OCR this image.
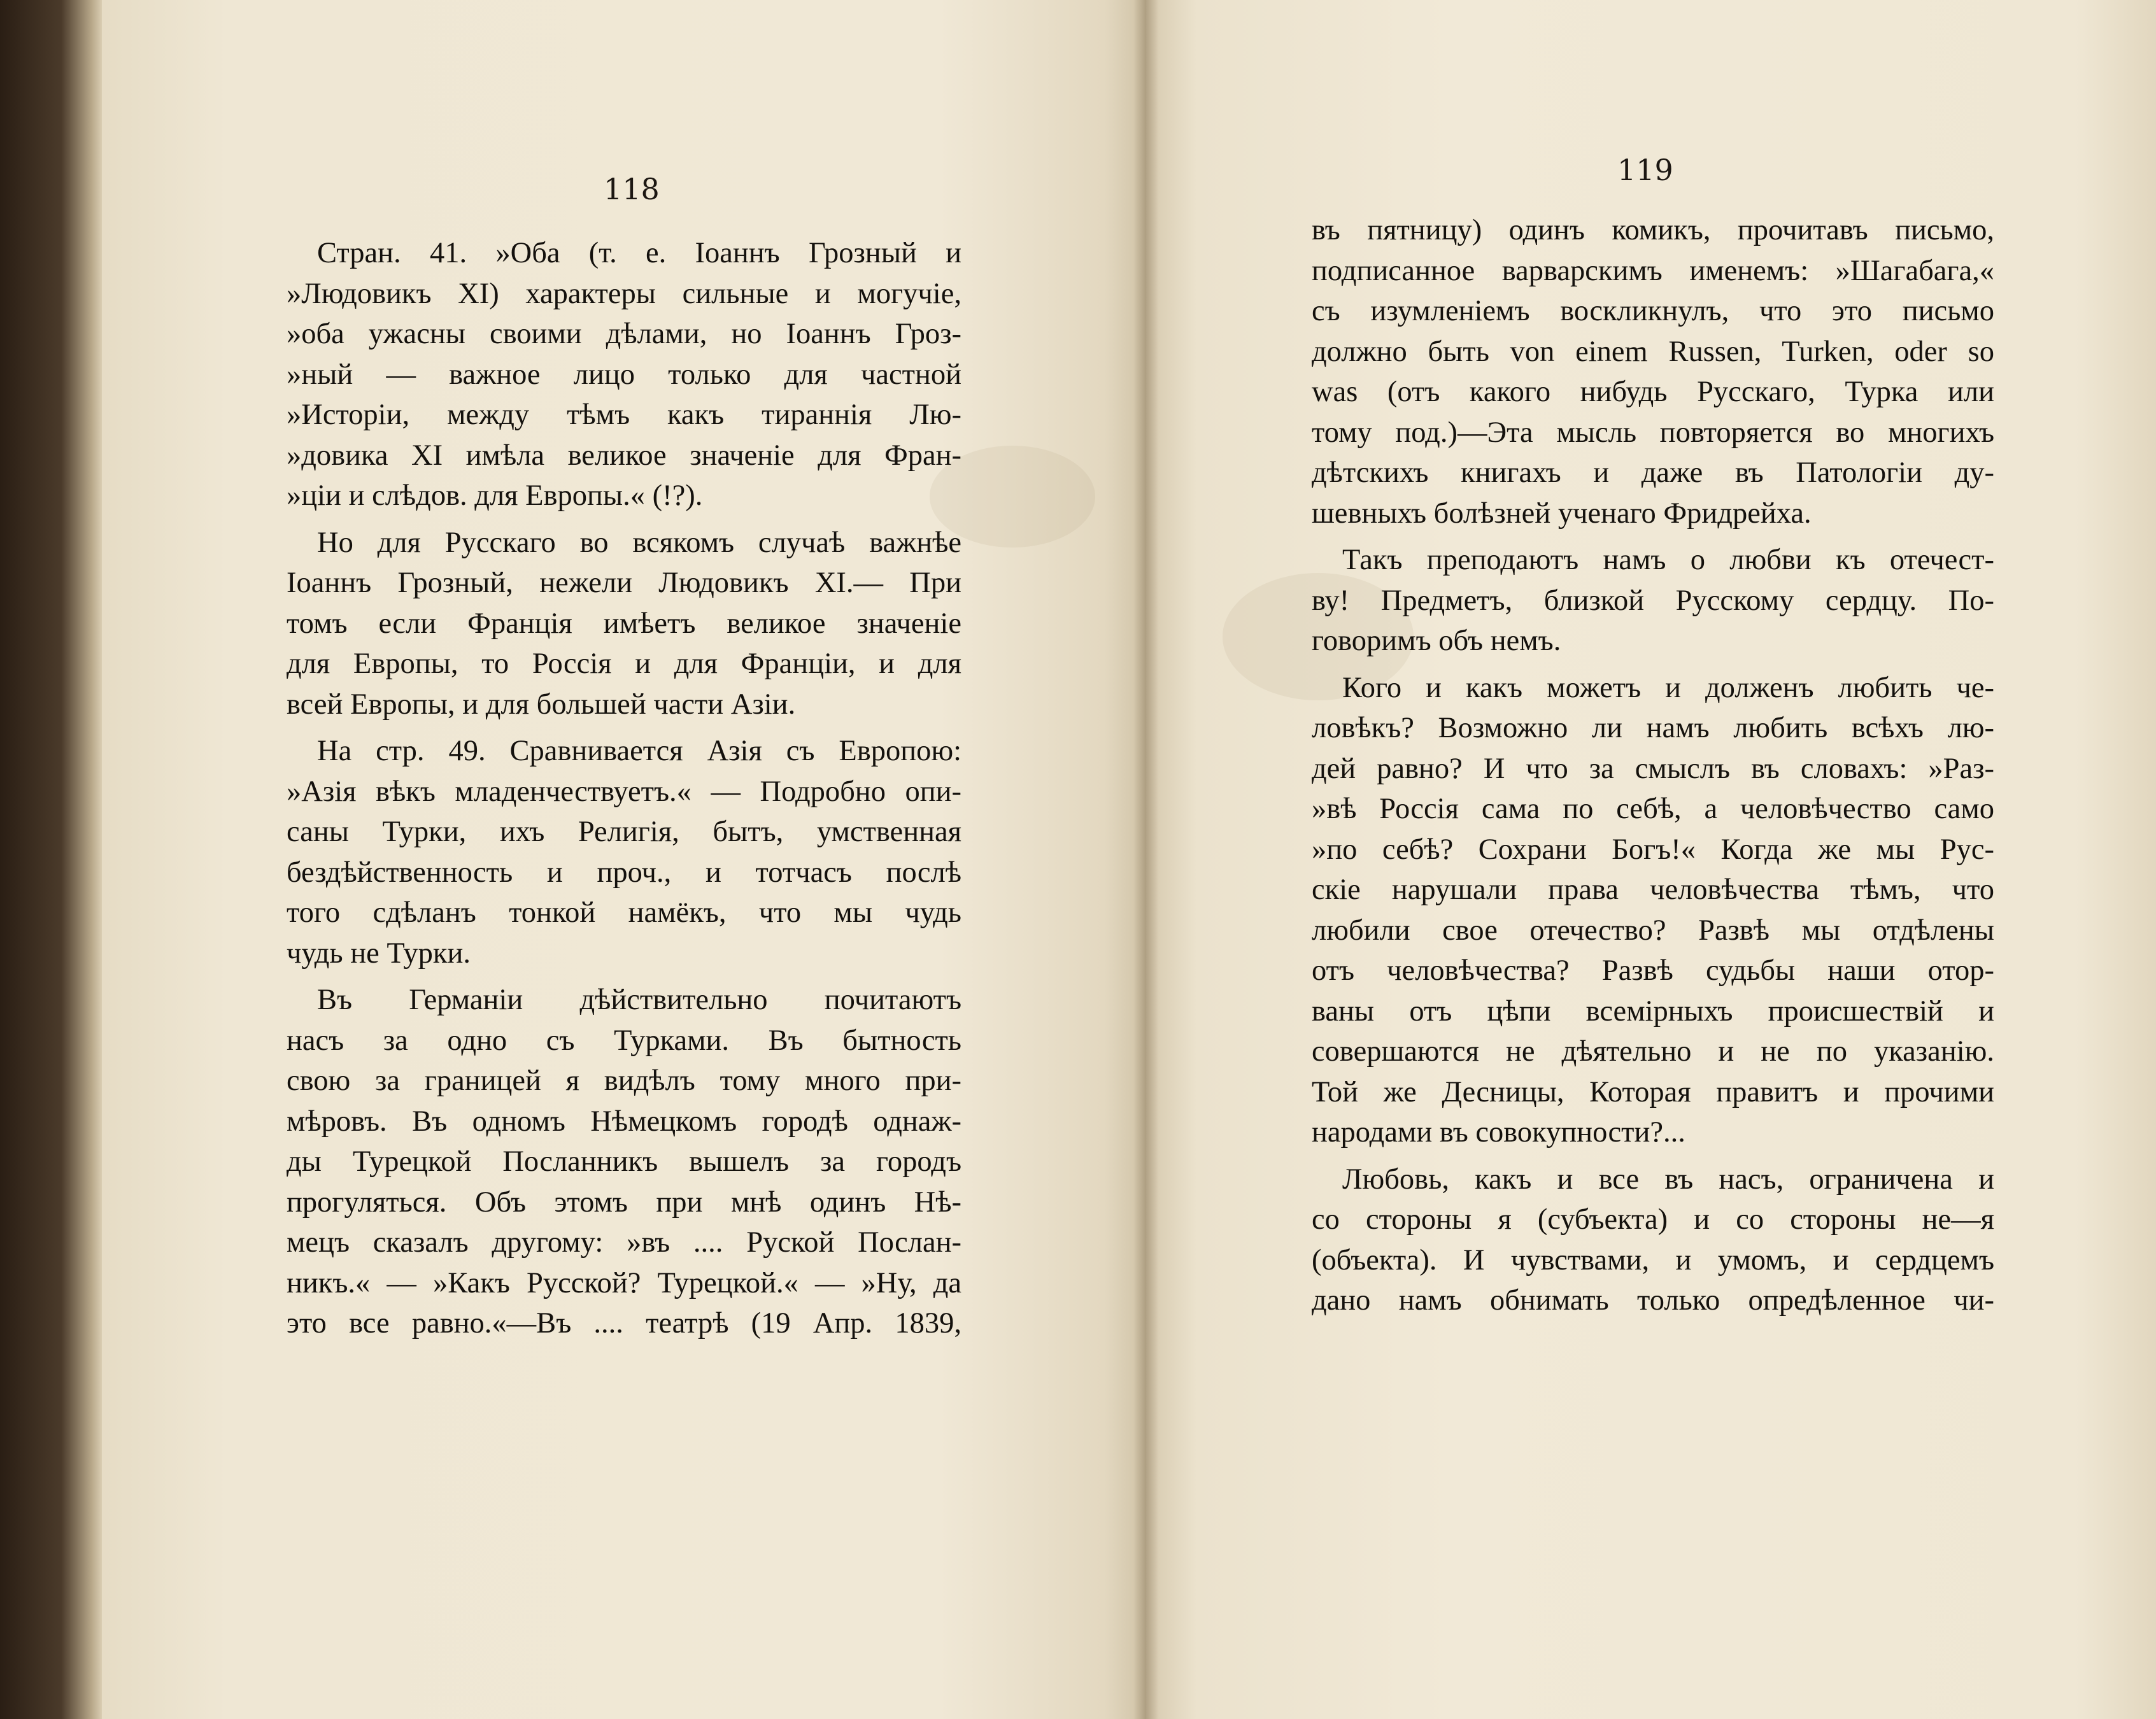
118
119
Стран. 41. »Оба (т. е. Іоаннъ Грозный и
»Людовикъ XI) характеры сильные и могучіе,
»оба ужасны своими дѣлами, но Іоаннъ Гроз-
»ный — важное лицо только для частной
»Исторіи, между тѣмъ какъ тираннія Лю-
»довика XI имѣла великое значеніе для Фран-
»ціи и слѣдов. для Европы.« (!?).
Но для Русскаго во всякомъ случаѣ важнѣе
Іоаннъ Грозный, нежели Людовикъ XI.— При
томъ если Франція имѣетъ великое значеніе
для Европы, то Россія и для Франціи, и для
всей Европы, и для большей части Азіи.
На стр. 49. Сравнивается Азія съ Европою:
»Азія вѣкъ младенчествуетъ.« — Подробно опи-
саны Турки, ихъ Религія, бытъ, умственная
бездѣйственность и проч., и тотчасъ послѣ
того сдѣланъ тонкой намёкъ, что мы чудь
чудь не Турки.
Въ Германіи дѣйствительно почитаютъ
насъ за одно съ Турками. Въ бытность
свою за границей я видѣлъ тому много при-
мѣровъ. Въ одномъ Нѣмецкомъ городѣ однаж-
ды Турецкой Посланникъ вышелъ за городъ
прогуляться. Объ этомъ при мнѣ одинъ Нѣ-
мецъ сказалъ другому: »въ .... Руской Послан-
никъ.« — »Какъ Русской? Турецкой.« — »Ну, да
это все равно.«—Въ .... театрѣ (19 Апр. 1839,
въ пятницу) одинъ комикъ, прочитавъ письмо,
подписанное варварскимъ именемъ: »Шагабага,«
съ изумленіемъ воскликнулъ, что это письмо
должно быть von einem Russen, Turken, oder so
was (отъ какого нибудь Русскаго, Турка или
тому под.)—Эта мысль повторяется во многихъ
дѣтскихъ книгахъ и даже въ Патологіи ду-
шевныхъ болѣзней ученаго Фридрейха.
Такъ преподаютъ намъ о любви къ отечест-
ву! Предметъ, близкой Русскому сердцу. По-
говоримъ объ немъ.
Кого и какъ можетъ и долженъ любить че-
ловѣкъ? Возможно ли намъ любить всѣхъ лю-
дей равно? И что за смыслъ въ словахъ: »Раз-
»вѣ Россія сама по себѣ, а человѣчество само
»по себѣ? Сохрани Богъ!« Когда же мы Рус-
скіе нарушали права человѣчества тѣмъ, что
любили свое отечество? Развѣ мы отдѣлены
отъ человѣчества? Развѣ судьбы наши отор-
ваны отъ цѣпи всемірныхъ происшествій и
совершаются не дѣятельно и не по указанію.
Той же Десницы, Которая правитъ и прочими
народами въ совокупности?...
Любовь, какъ и все въ насъ, ограничена и
со стороны я (субъекта) и со стороны не—я
(объекта). И чувствами, и умомъ, и сердцемъ
дано намъ обнимать только опредѣленное чи-
